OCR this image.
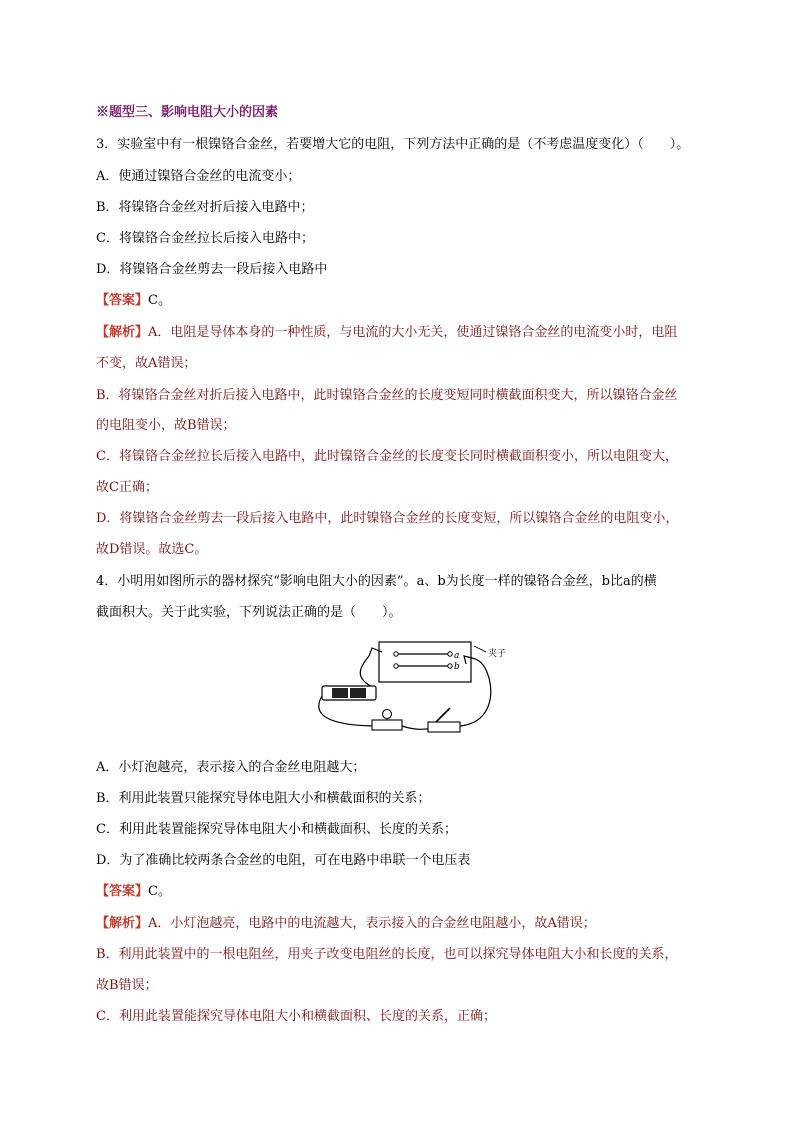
※题型三、影响电阻大小的因素
3．实验室中有一根镍铬合金丝，若要增大它的电阻，下列方法中正确的是（不考虑温度变化）（　　）。
A．使通过镍铬合金丝的电流变小；
B．将镍铬合金丝对折后接入电路中；
C．将镍铬合金丝拉长后接入电路中；
D．将镍铬合金丝剪去一段后接入电路中
【答案】C。
【解析】A．电阻是导体本身的一种性质，与电流的大小无关，使通过镍铬合金丝的电流变小时，电阻
不变，故A错误；
B．将镍铬合金丝对折后接入电路中，此时镍铬合金丝的长度变短同时横截面积变大，所以镍铬合金丝
的电阻变小，故B错误；
C．将镍铬合金丝拉长后接入电路中，此时镍铬合金丝的长度变长同时横截面积变小，所以电阻变大，
故C正确；
D．将镍铬合金丝剪去一段后接入电路中，此时镍铬合金丝的长度变短，所以镍铬合金丝的电阻变小，
故D错误。故选C。
4．小明用如图所示的器材探究“影响电阻大小的因素”。a、b为长度一样的镍铬合金丝，b比a的横
截面积大。关于此实验，下列说法正确的是（　　）。
a
b
夹子
A．小灯泡越亮，表示接入的合金丝电阻越大；
B．利用此装置只能探究导体电阻大小和横截面积的关系；
C．利用此装置能探究导体电阻大小和横截面积、长度的关系；
D．为了准确比较两条合金丝的电阻，可在电路中串联一个电压表
【答案】C。
【解析】A．小灯泡越亮，电路中的电流越大，表示接入的合金丝电阻越小，故A错误；
B．利用此装置中的一根电阻丝，用夹子改变电阻丝的长度，也可以探究导体电阻大小和长度的关系，
故B错误；
C．利用此装置能探究导体电阻大小和横截面积、长度的关系，正确；
